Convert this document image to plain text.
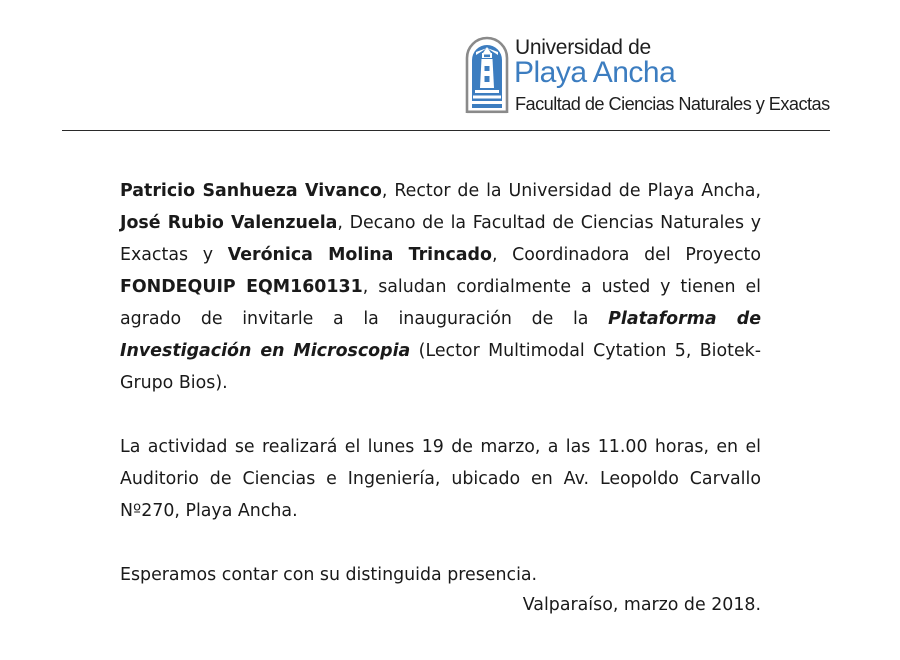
Universidad de
Playa Ancha
Facultad de Ciencias Naturales y Exactas

Patricio Sanhueza Vivanco, Rector de la Universidad de Playa Ancha, José Rubio Valenzuela, Decano de la Facultad de Ciencias Naturales y Exactas y Verónica Molina Trincado, Coordinadora del Proyecto FONDEQUIP EQM160131, saludan cordialmente a usted y tienen el agrado de invitarle a la inauguración de la Plataforma de Investigación en Microscopia (Lector Multimodal Cytation 5, Biotek-Grupo Bios).

La actividad se realizará el lunes 19 de marzo, a las 11.00 horas, en el Auditorio de Ciencias e Ingeniería, ubicado en Av. Leopoldo Carvallo Nº270, Playa Ancha.

Esperamos contar con su distinguida presencia.

Valparaíso, marzo de 2018.
